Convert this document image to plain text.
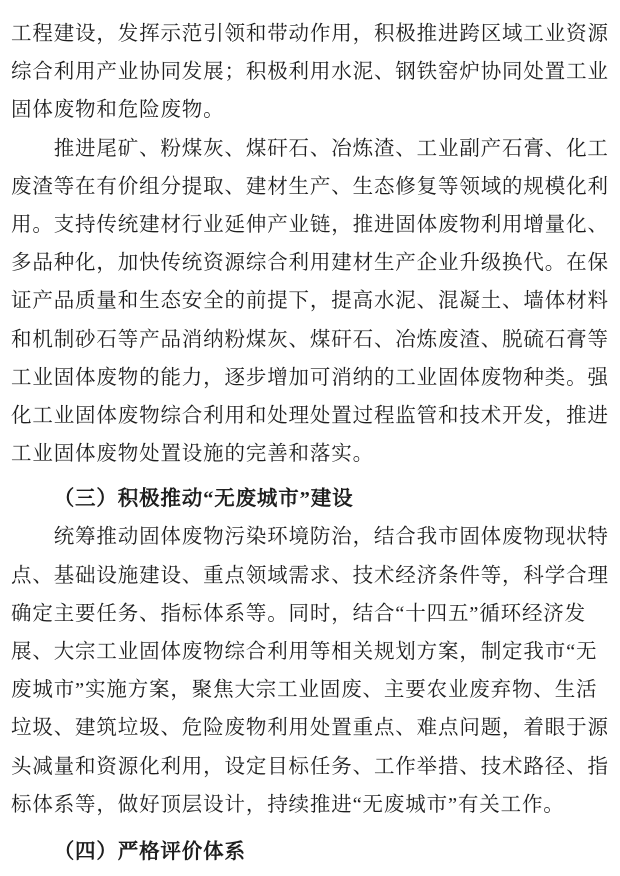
工程建设，发挥示范引领和带动作用，积极推进跨区域工业资源
综合利用产业协同发展；积极利用水泥、钢铁窑炉协同处置工业
固体废物和危险废物。
推进尾矿、粉煤灰、煤矸石、冶炼渣、工业副产石膏、化工
废渣等在有价组分提取、建材生产、生态修复等领域的规模化利
用。支持传统建材行业延伸产业链，推进固体废物利用增量化、
多品种化，加快传统资源综合利用建材生产企业升级换代。在保
证产品质量和生态安全的前提下，提高水泥、混凝土、墙体材料
和机制砂石等产品消纳粉煤灰、煤矸石、冶炼废渣、脱硫石膏等
工业固体废物的能力，逐步增加可消纳的工业固体废物种类。强
化工业固体废物综合利用和处理处置过程监管和技术开发，推进
工业固体废物处置设施的完善和落实。
（三）积极推动“无废城市”建设
统筹推动固体废物污染环境防治，结合我市固体废物现状特
点、基础设施建设、重点领域需求、技术经济条件等，科学合理
确定主要任务、指标体系等。同时，结合“十四五”循环经济发
展、大宗工业固体废物综合利用等相关规划方案，制定我市“无
废城市”实施方案，聚焦大宗工业固废、主要农业废弃物、生活
垃圾、建筑垃圾、危险废物利用处置重点、难点问题，着眼于源
头减量和资源化利用，设定目标任务、工作举措、技术路径、指
标体系等，做好顶层设计，持续推进“无废城市”有关工作。
（四）严格评价体系
